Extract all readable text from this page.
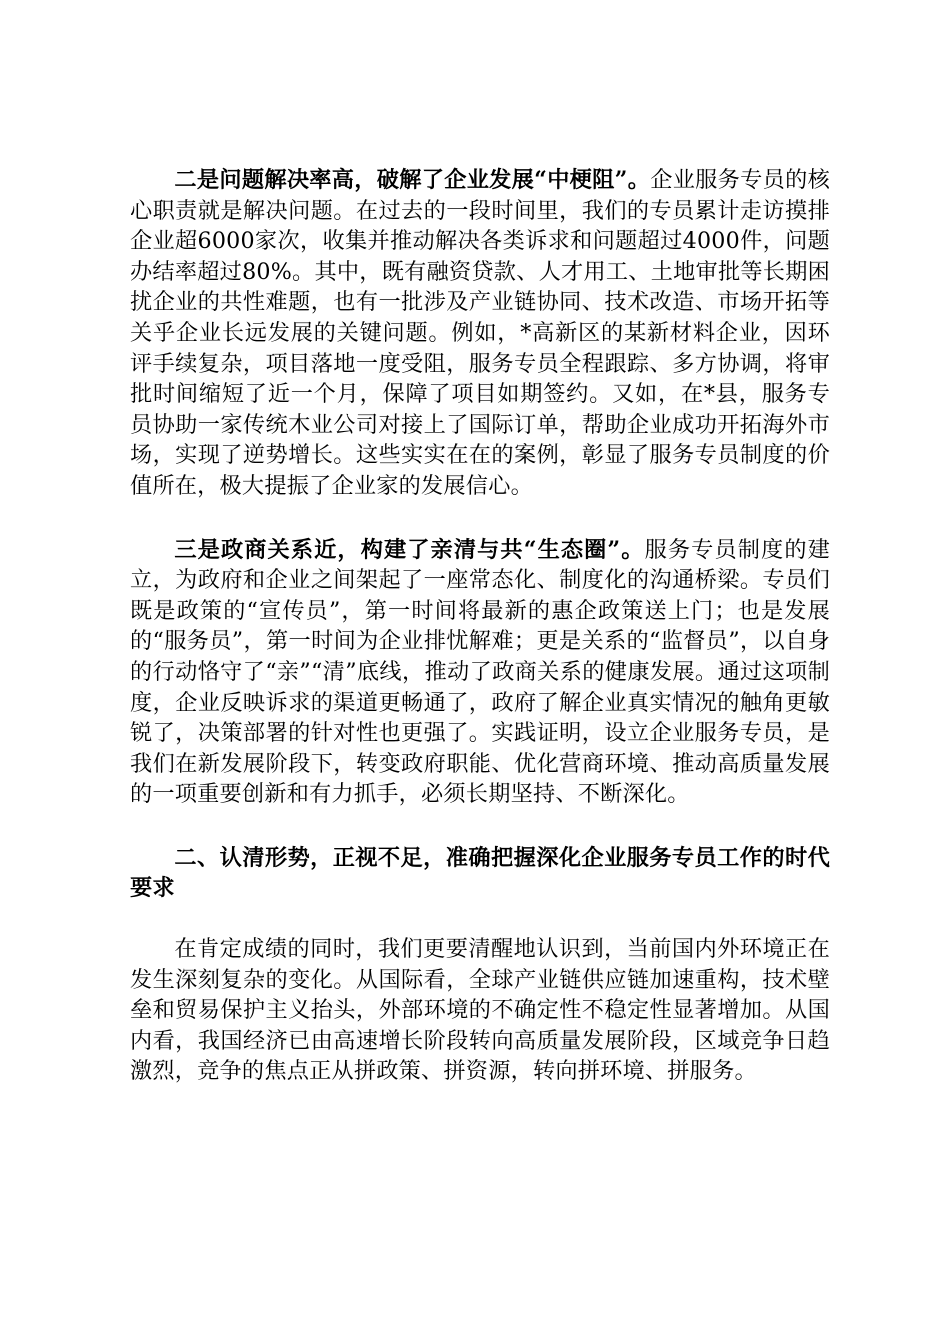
二是问题解决率高，破解了企业发展“中梗阻”。企业服务专员的核心职责就是解决问题。在过去的一段时间里，我们的专员累计走访摸排企业超6000家次，收集并推动解决各类诉求和问题超过4000件，问题办结率超过80%。其中，既有融资贷款、人才用工、土地审批等长期困扰企业的共性难题，也有一批涉及产业链协同、技术改造、市场开拓等关乎企业长远发展的关键问题。例如，*高新区的某新材料企业，因环评手续复杂，项目落地一度受阻，服务专员全程跟踪、多方协调，将审批时间缩短了近一个月，保障了项目如期签约。又如，在*县，服务专员协助一家传统木业公司对接上了国际订单，帮助企业成功开拓海外市场，实现了逆势增长。这些实实在在的案例，彰显了服务专员制度的价值所在，极大提振了企业家的发展信心。

三是政商关系近，构建了亲清与共“生态圈”。服务专员制度的建立，为政府和企业之间架起了一座常态化、制度化的沟通桥梁。专员们既是政策的“宣传员”，第一时间将最新的惠企政策送上门；也是发展的“服务员”，第一时间为企业排忧解难；更是关系的“监督员”，以自身的行动恪守了“亲”“清”底线，推动了政商关系的健康发展。通过这项制度，企业反映诉求的渠道更畅通了，政府了解企业真实情况的触角更敏锐了，决策部署的针对性也更强了。实践证明，设立企业服务专员，是我们在新发展阶段下，转变政府职能、优化营商环境、推动高质量发展的一项重要创新和有力抓手，必须长期坚持、不断深化。

二、认清形势，正视不足，准确把握深化企业服务专员工作的时代要求

在肯定成绩的同时，我们更要清醒地认识到，当前国内外环境正在发生深刻复杂的变化。从国际看，全球产业链供应链加速重构，技术壁垒和贸易保护主义抬头，外部环境的不确定性不稳定性显著增加。从国内看，我国经济已由高速增长阶段转向高质量发展阶段，区域竞争日趋激烈，竞争的焦点正从拼政策、拼资源，转向拼环境、拼服务。
